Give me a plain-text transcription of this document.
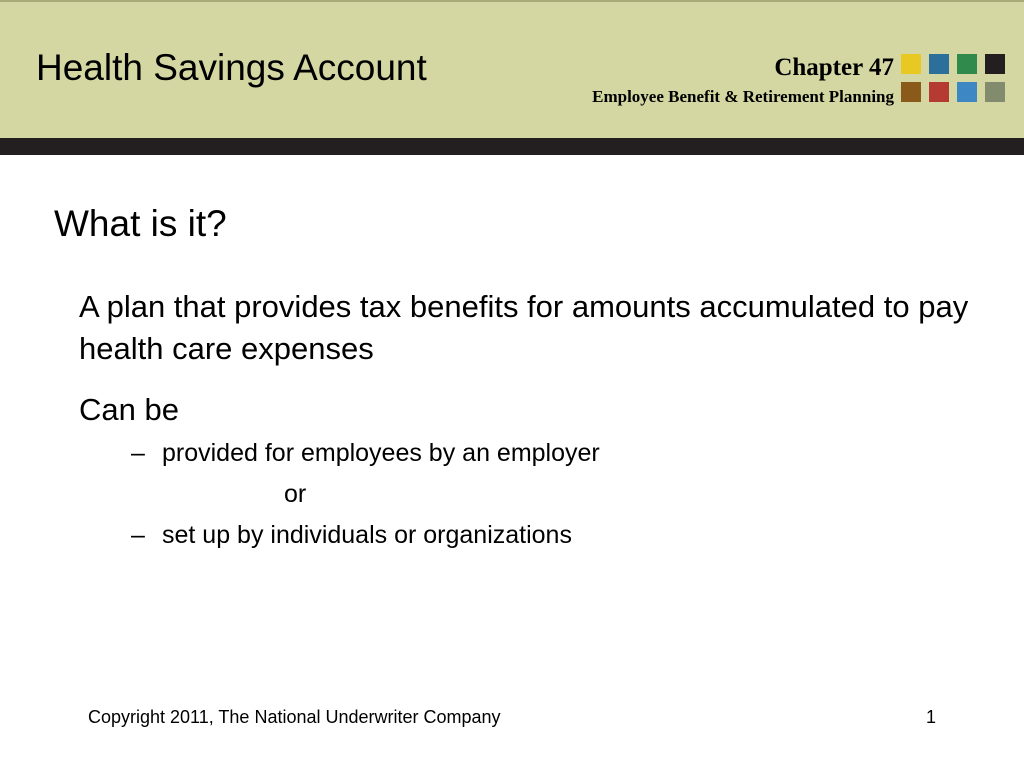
Health Savings Account	Chapter 47
Employee Benefit & Retirement Planning
What is it?
A plan that provides tax benefits for amounts accumulated to pay health care expenses
Can be
– provided for employees by an employer
or
– set up by individuals or organizations
Copyright 2011, The National Underwriter Company	1
